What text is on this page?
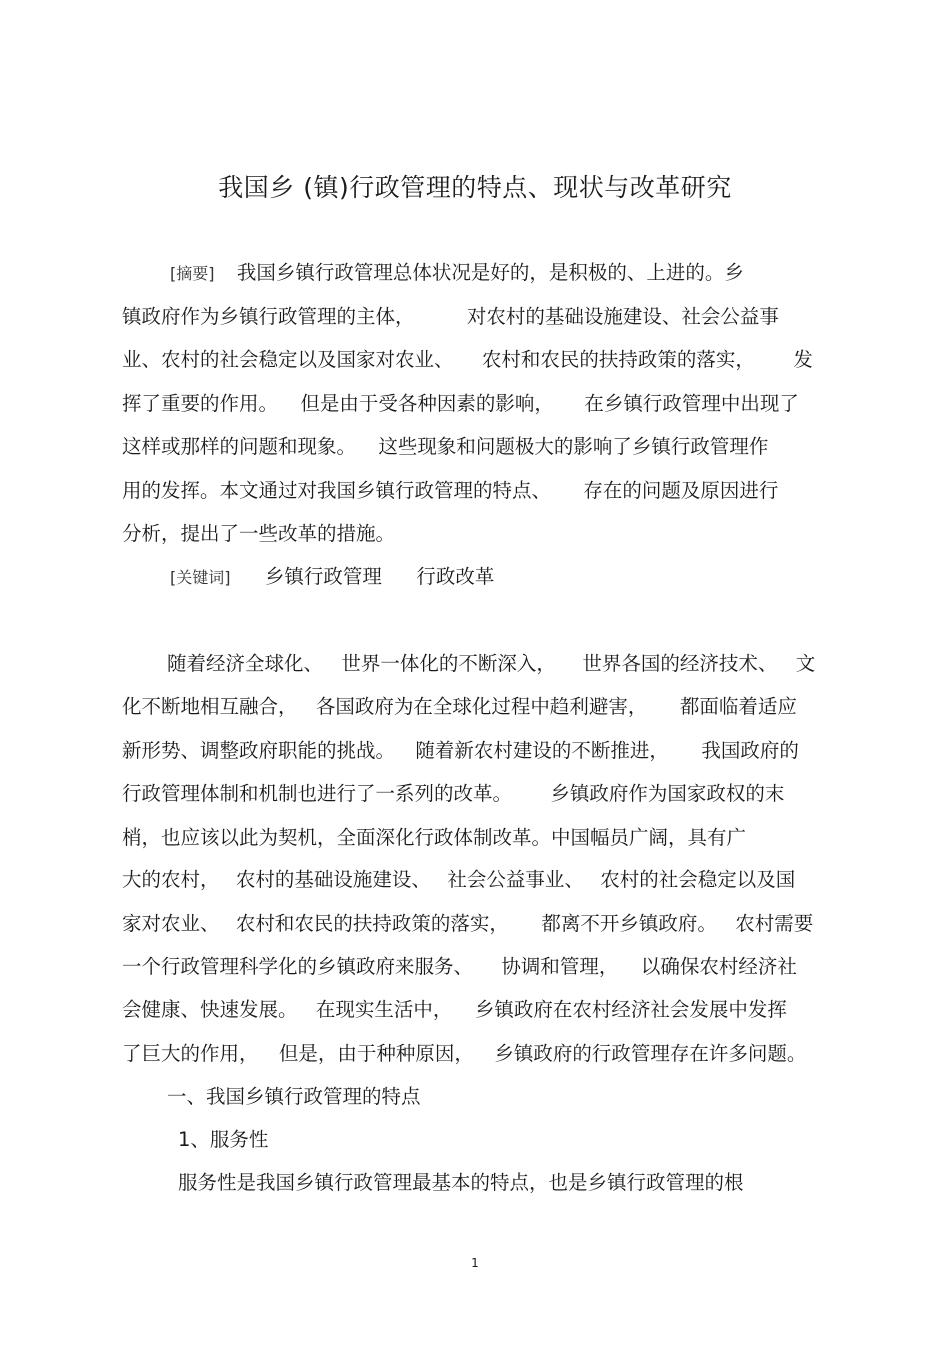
我国乡 (镇)行政管理的特点、现状与改革研究
[摘要] 我国乡镇行政管理总体状况是好的，是积极的、上进的。乡
镇政府作为乡镇行政管理的主体，	对农村的基础设施建设、社会公益事
业、农村的社会稳定以及国家对农业、 农村和农民的扶持政策的落实， 发
挥了重要的作用。 但是由于受各种因素的影响， 在乡镇行政管理中出现了
这样或那样的问题和现象。 这些现象和问题极大的影响了乡镇行政管理作
用的发挥。本文通过对我国乡镇行政管理的特点、 存在的问题及原因进行
分析，提出了一些改革的措施。
[关键词] 乡镇行政管理 行政改革
随着经济全球化、 世界一体化的不断深入， 世界各国的经济技术、 文
化不断地相互融合， 各国政府为在全球化过程中趋利避害， 都面临着适应
新形势、调整政府职能的挑战。 随着新农村建设的不断推进， 我国政府的
行政管理体制和机制也进行了一系列的改革。 乡镇政府作为国家政权的末
梢，也应该以此为契机，全面深化行政体制改革。中国幅员广阔，具有广
大的农村， 农村的基础设施建设、 社会公益事业、 农村的社会稳定以及国
家对农业、 农村和农民的扶持政策的落实， 都离不开乡镇政府。 农村需要
一个行政管理科学化的乡镇政府来服务、 协调和管理， 以确保农村经济社
会健康、快速发展。 在现实生活中， 乡镇政府在农村经济社会发展中发挥
了巨大的作用， 但是，由于种种原因， 乡镇政府的行政管理存在许多问题。
一、我国乡镇行政管理的特点
1、服务性
服务性是我国乡镇行政管理最基本的特点，也是乡镇行政管理的根
1
